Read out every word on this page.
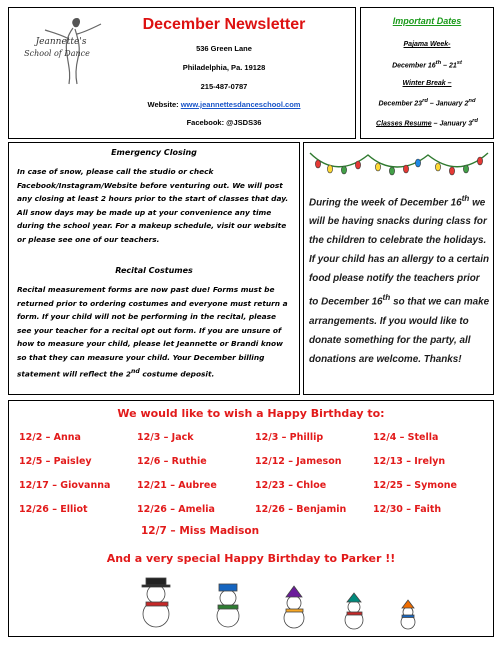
Jeannette's
School of Dance
December Newsletter
536 Green Lane
Philadelphia, Pa. 19128
215-487-0787
Website: www.jeannettesdanceschool.com
Facebook: @JSDS36
Important Dates
Pajama Week-
December 16th – 21st
Winter Break –
December 23rd – January 2nd
Classes Resume – January 3rd
Emergency Closing
In case of snow, please call the studio or check Facebook/Instagram/Website before venturing out. We will post any closing at least 2 hours prior to the start of classes that day. All snow days may be made up at your convenience any time during the school year. For a makeup schedule, visit our website or please see one of our teachers.
Recital Costumes
Recital measurement forms are now past due! Forms must be returned prior to ordering costumes and everyone must return a form. If your child will not be performing in the recital, please see your teacher for a recital opt out form. If you are unsure of how to measure your child, please let Jeannette or Brandi know so that they can measure your child. Your December billing statement will reflect the 2nd costume deposit.
During the week of December 16th we will be having snacks during class for the children to celebrate the holidays. If your child has an allergy to a certain food please notify the teachers prior to December 16th so that we can make arrangements. If you would like to donate something for the party, all donations are welcome. Thanks!
We would like to wish a Happy Birthday to:
12/2 – Anna	12/3 – Jack	12/3 – Phillip	12/4 – Stella
12/5 – Paisley	12/6 – Ruthie	12/12 – Jameson	12/13 – Irelyn
12/17 – Giovanna	12/21 – Aubree	12/23 – Chloe	12/25 – Symone
12/26 – Elliot	12/26 – Amelia	12/26 – Benjamin	12/30 – Faith
12/7 – Miss Madison
And a very special Happy Birthday to Parker !!
